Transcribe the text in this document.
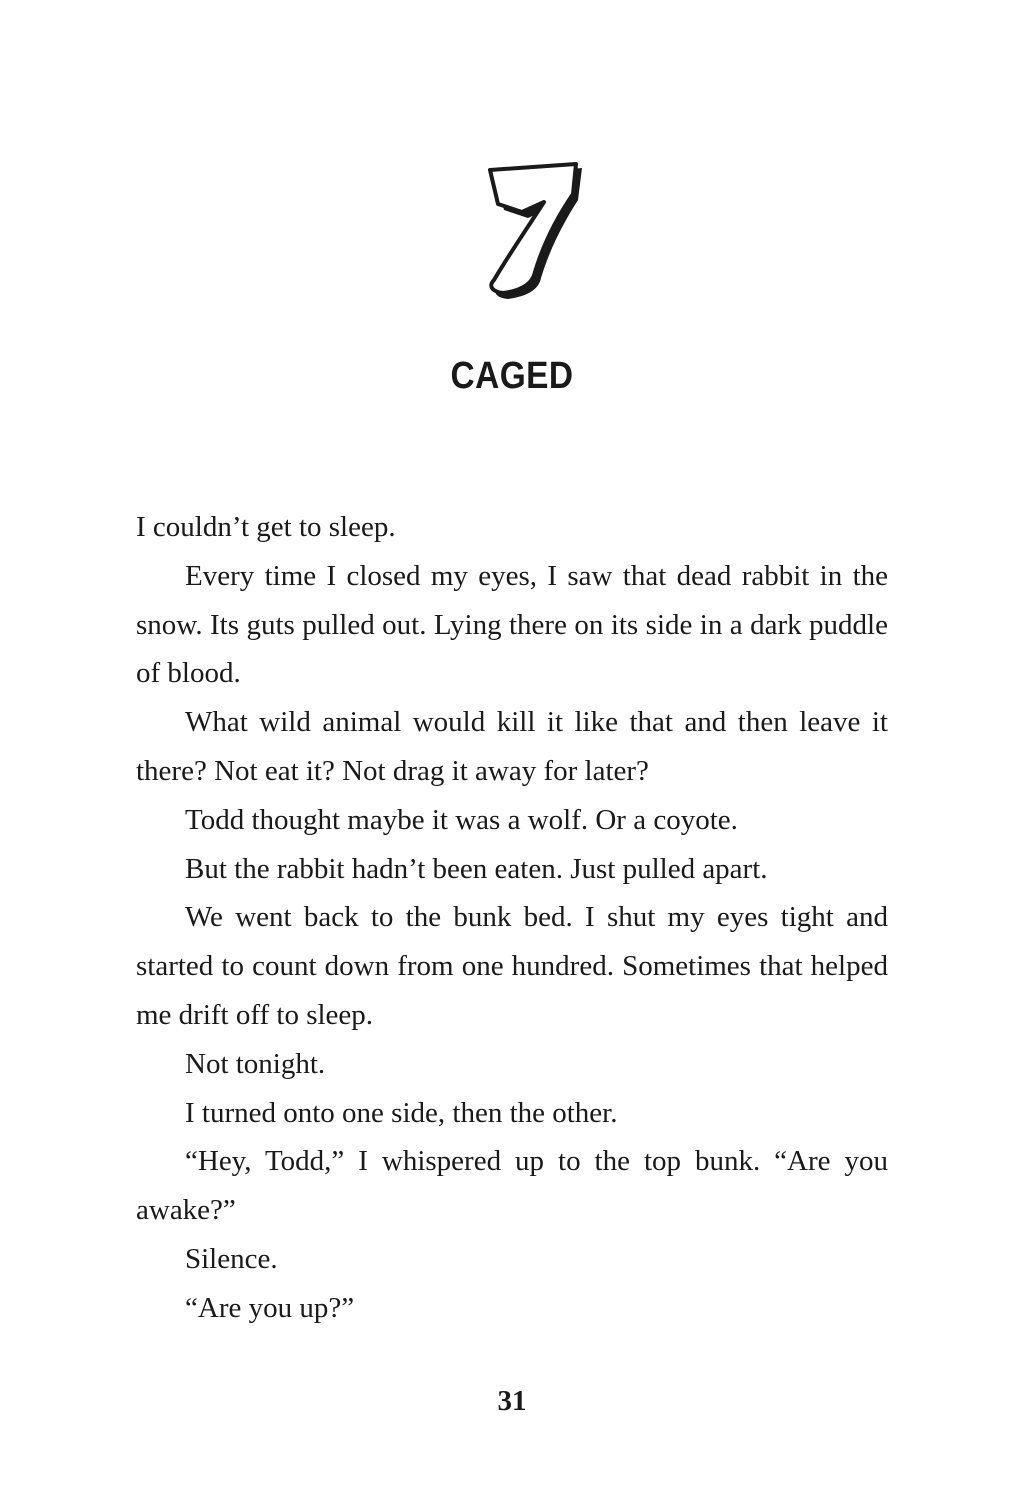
7
CAGED

I couldn’t get to sleep.

Every time I closed my eyes, I saw that dead rabbit in the snow. Its guts pulled out. Lying there on its side in a dark puddle of blood.

What wild animal would kill it like that and then leave it there? Not eat it? Not drag it away for later?

Todd thought maybe it was a wolf. Or a coyote.

But the rabbit hadn’t been eaten. Just pulled apart.

We went back to the bunk bed. I shut my eyes tight and started to count down from one hundred. Sometimes that helped me drift off to sleep.

Not tonight.

I turned onto one side, then the other.

“Hey, Todd,” I whispered up to the top bunk. “Are you awake?”

Silence.

“Are you up?”

31
